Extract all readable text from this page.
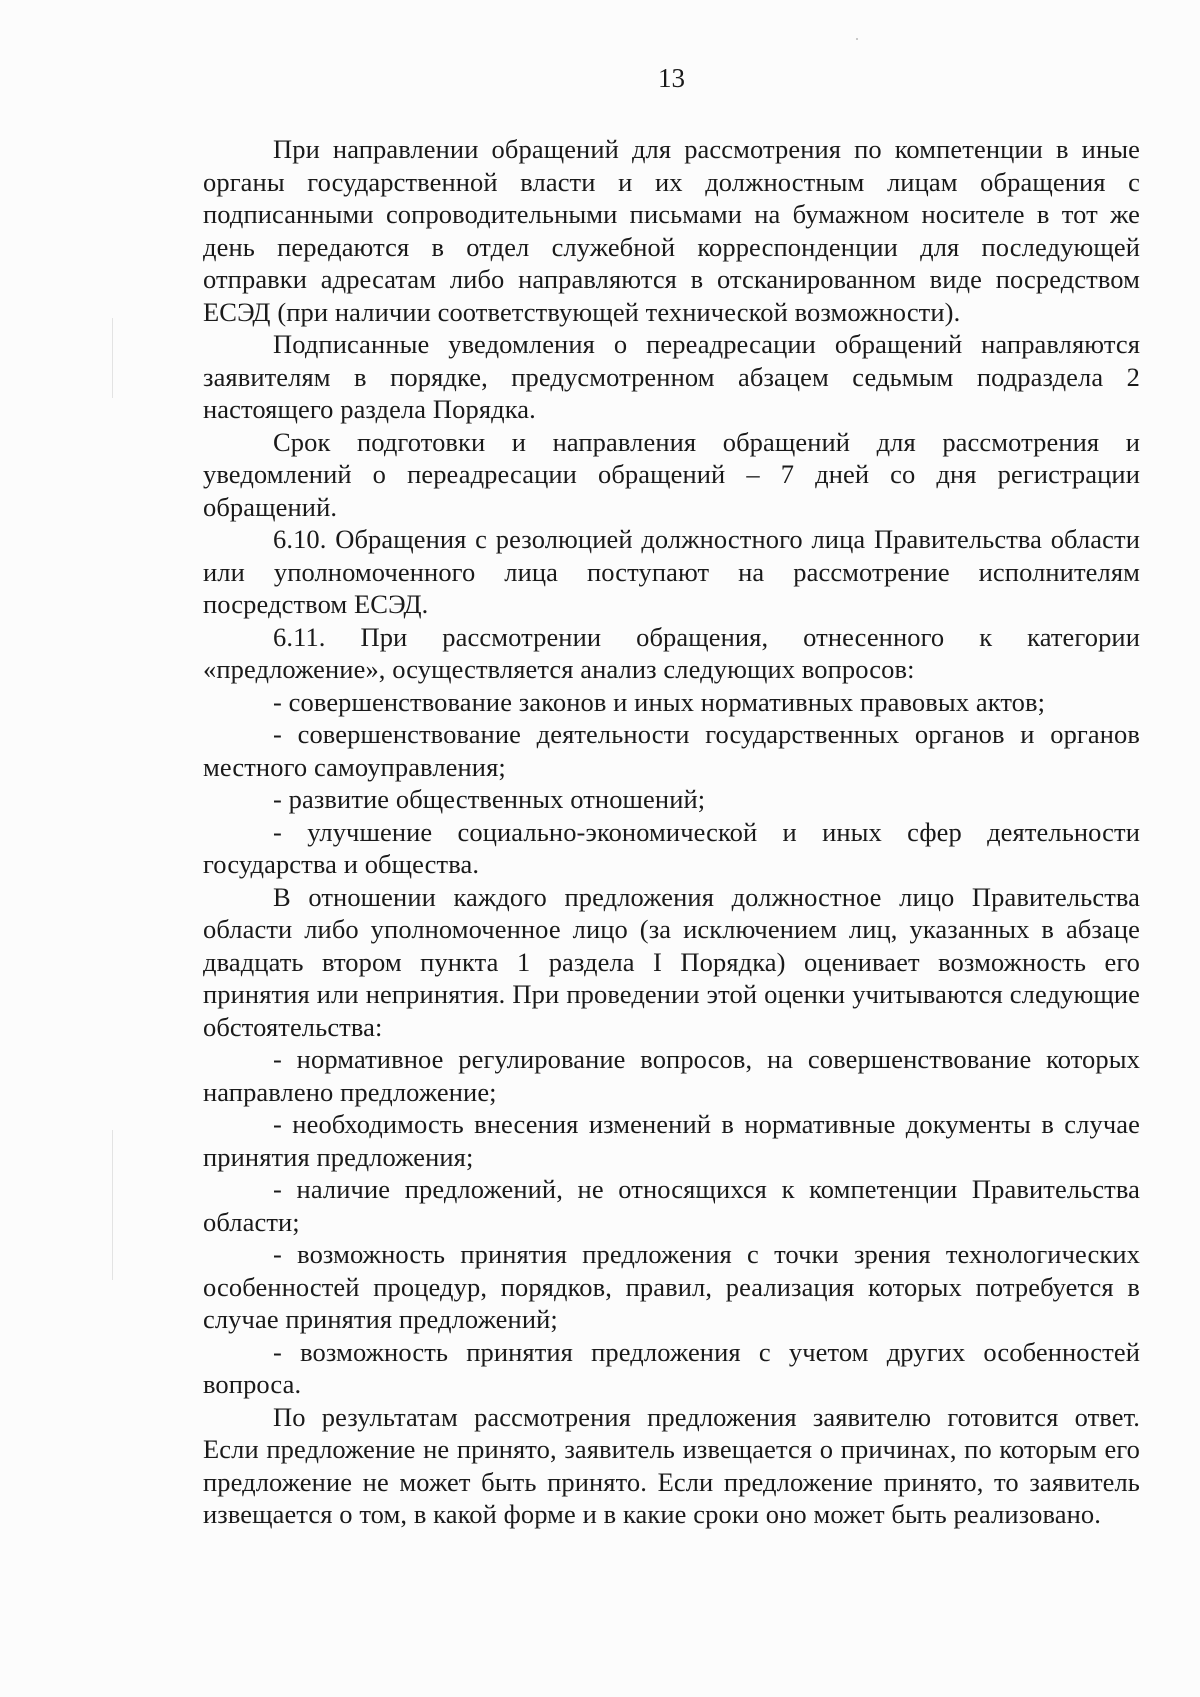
13

При направлении обращений для рассмотрения по компетенции в иные органы государственной власти и их должностным лицам обращения с подписанными сопроводительными письмами на бумажном носителе в тот же день передаются в отдел служебной корреспонденции для последующей отправки адресатам либо направляются в отсканированном виде посредством ЕСЭД (при наличии соответствующей технической возможности).

Подписанные уведомления о переадресации обращений направляются заявителям в порядке, предусмотренном абзацем седьмым подраздела 2 настоящего раздела Порядка.

Срок подготовки и направления обращений для рассмотрения и уведомлений о переадресации обращений – 7 дней со дня регистрации обращений.

6.10. Обращения с резолюцией должностного лица Правительства области или уполномоченного лица поступают на рассмотрение исполнителям посредством ЕСЭД.

6.11. При рассмотрении обращения, отнесенного к категории «предложение», осуществляется анализ следующих вопросов:

- совершенствование законов и иных нормативных правовых актов;

- совершенствование деятельности государственных органов и органов местного самоуправления;

- развитие общественных отношений;

- улучшение социально-экономической и иных сфер деятельности государства и общества.

В отношении каждого предложения должностное лицо Правительства области либо уполномоченное лицо (за исключением лиц, указанных в абзаце двадцать втором пункта 1 раздела I Порядка) оценивает возможность его принятия или непринятия. При проведении этой оценки учитываются следующие обстоятельства:

- нормативное регулирование вопросов, на совершенствование которых направлено предложение;

- необходимость внесения изменений в нормативные документы в случае принятия предложения;

- наличие предложений, не относящихся к компетенции Правительства области;

- возможность принятия предложения с точки зрения технологических особенностей процедур, порядков, правил, реализация которых потребуется в случае принятия предложений;

- возможность принятия предложения с учетом других особенностей вопроса.

По результатам рассмотрения предложения заявителю готовится ответ. Если предложение не принято, заявитель извещается о причинах, по которым его предложение не может быть принято. Если предложение принято, то заявитель извещается о том, в какой форме и в какие сроки оно может быть реализовано.
